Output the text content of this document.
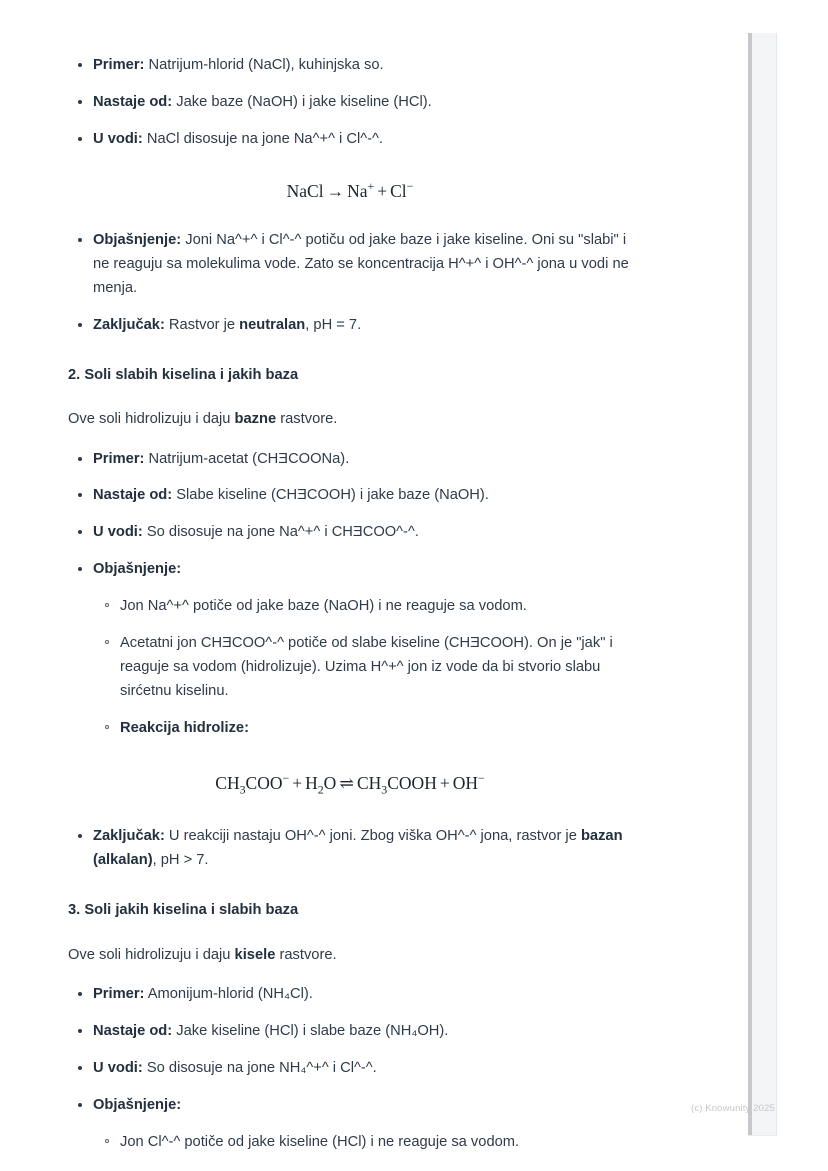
Primer: Natrijum-hlorid (NaCl), kuhinjska so.
Nastaje od: Jake baze (NaOH) i jake kiseline (HCl).
U vodi: NaCl disosuje na jone Na^+^ i Cl^-^.
NaCl → Na+ + Cl−
Objašnjenje: Joni Na^+^ i Cl^-^ potiču od jake baze i jake kiseline. Oni su "slabi" i ne reaguju sa molekulima vode. Zato se koncentracija H^+^ i OH^-^ jona u vodi ne menja.
Zaključak: Rastvor je neutralan, pH = 7.
2. Soli slabih kiselina i jakih baza
Ove soli hidrolizuju i daju bazne rastvore.
Primer: Natrijum-acetat (CHƎCOONa).
Nastaje od: Slabe kiseline (CHƎCOOH) i jake baze (NaOH).
U vodi: So disosuje na jone Na^+^ i CHƎCOO^-^.
Objašnjenje:
Jon Na^+^ potiče od jake baze (NaOH) i ne reaguje sa vodom.
Acetatni jon CHƎCOO^-^ potiče od slabe kiseline (CHƎCOOH). On je "jak" i reaguje sa vodom (hidrolizuje). Uzima H^+^ jon iz vode da bi stvorio slabu sirćetnu kiselinu.
Reakcija hidrolize:
$CH_3COO^- + H_2O$ ⇌ $CH_3COOH + OH^-$
Zaključak: U reakciji nastaju OH^-^ joni. Zbog viška OH^-^ jona, rastvor je bazan (alkalan), pH > 7.
3. Soli jakih kiselina i slabih baza
Ove soli hidrolizuju i daju kisele rastvore.
Primer: Amonijum-hlorid (NH₄Cl).
Nastaje od: Jake kiseline (HCl) i slabe baze (NH₄OH).
U vodi: So disosuje na jone NH₄^+^ i Cl^-^.
Objašnjenje:
Jon Cl^-^ potiče od jake kiseline (HCl) i ne reaguje sa vodom.
(c) Knowunity 2025
